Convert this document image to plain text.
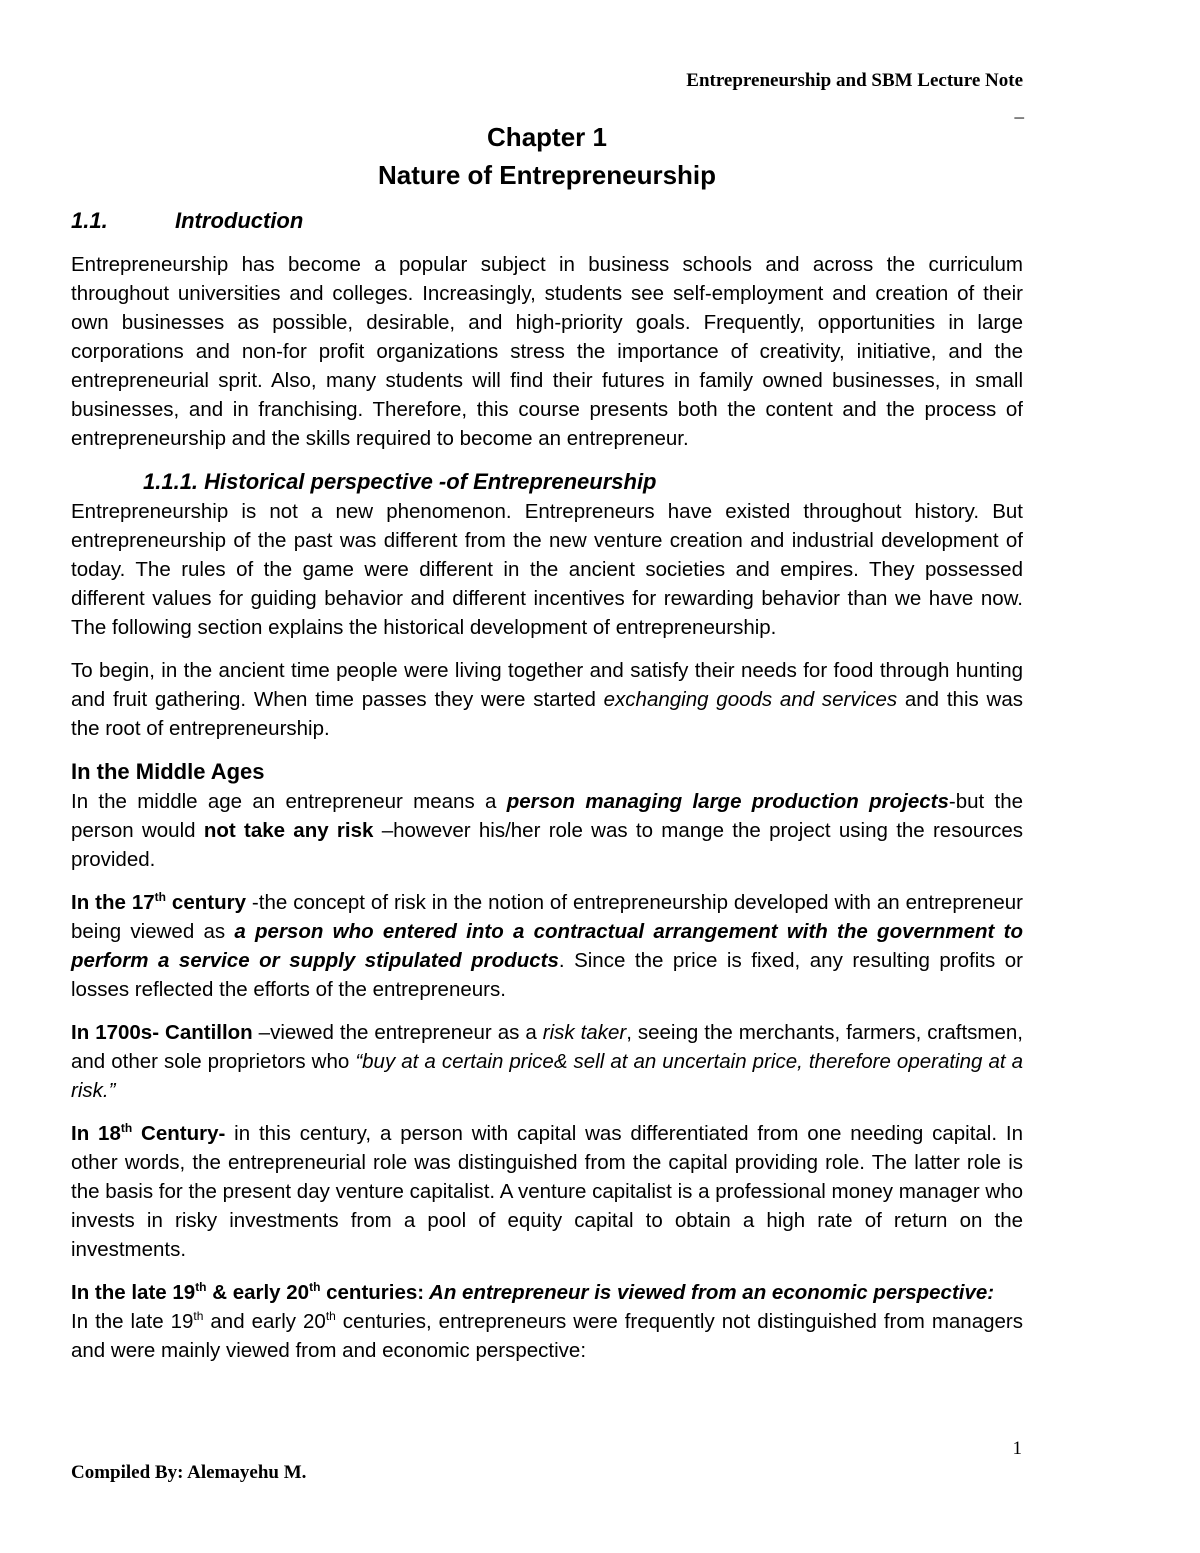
Entrepreneurship and SBM Lecture Note
_
Chapter 1
Nature of Entrepreneurship
1.1.	Introduction

Entrepreneurship has become a popular subject in business schools and across the curriculum throughout universities and colleges. Increasingly, students see self-employment and creation of their own businesses as possible, desirable, and high-priority goals. Frequently, opportunities in large corporations and non-for profit organizations stress the importance of creativity, initiative, and the entrepreneurial sprit. Also, many students will find their futures in family owned businesses, in small businesses, and in franchising. Therefore, this course presents both the content and the process of entrepreneurship and the skills required to become an entrepreneur.

1.1.1. Historical perspective -of Entrepreneurship

Entrepreneurship is not a new phenomenon. Entrepreneurs have existed throughout history. But entrepreneurship of the past was different from the new venture creation and industrial development of today. The rules of the game were different in the ancient societies and empires. They possessed different values for guiding behavior and different incentives for rewarding behavior than we have now. The following section explains the historical development of entrepreneurship.

To begin, in the ancient time people were living together and satisfy their needs for food through hunting and fruit gathering. When time passes they were started exchanging goods and services and this was the root of entrepreneurship.

In the Middle Ages

In the middle age an entrepreneur means a person managing large production projects-but the person would not take any risk –however his/her role was to mange the project using the resources provided.

In the 17th century -the concept of risk in the notion of entrepreneurship developed with an entrepreneur being viewed as a person who entered into a contractual arrangement with the government to perform a service or supply stipulated products. Since the price is fixed, any resulting profits or losses reflected the efforts of the entrepreneurs.

In 1700s- Cantillon –viewed the entrepreneur as a risk taker, seeing the merchants, farmers, craftsmen, and other sole proprietors who “buy at a certain price& sell at an uncertain price, therefore operating at a risk.”

In 18th Century- in this century, a person with capital was differentiated from one needing capital. In other words, the entrepreneurial role was distinguished from the capital providing role. The latter role is the basis for the present day venture capitalist. A venture capitalist is a professional money manager who invests in risky investments from a pool of equity capital to obtain a high rate of return on the investments.

In the late 19th & early 20th centuries: An entrepreneur is viewed from an economic perspective:

In the late 19th and early 20th centuries, entrepreneurs were frequently not distinguished from managers and were mainly viewed from and economic perspective:

1
Compiled By: Alemayehu M.
